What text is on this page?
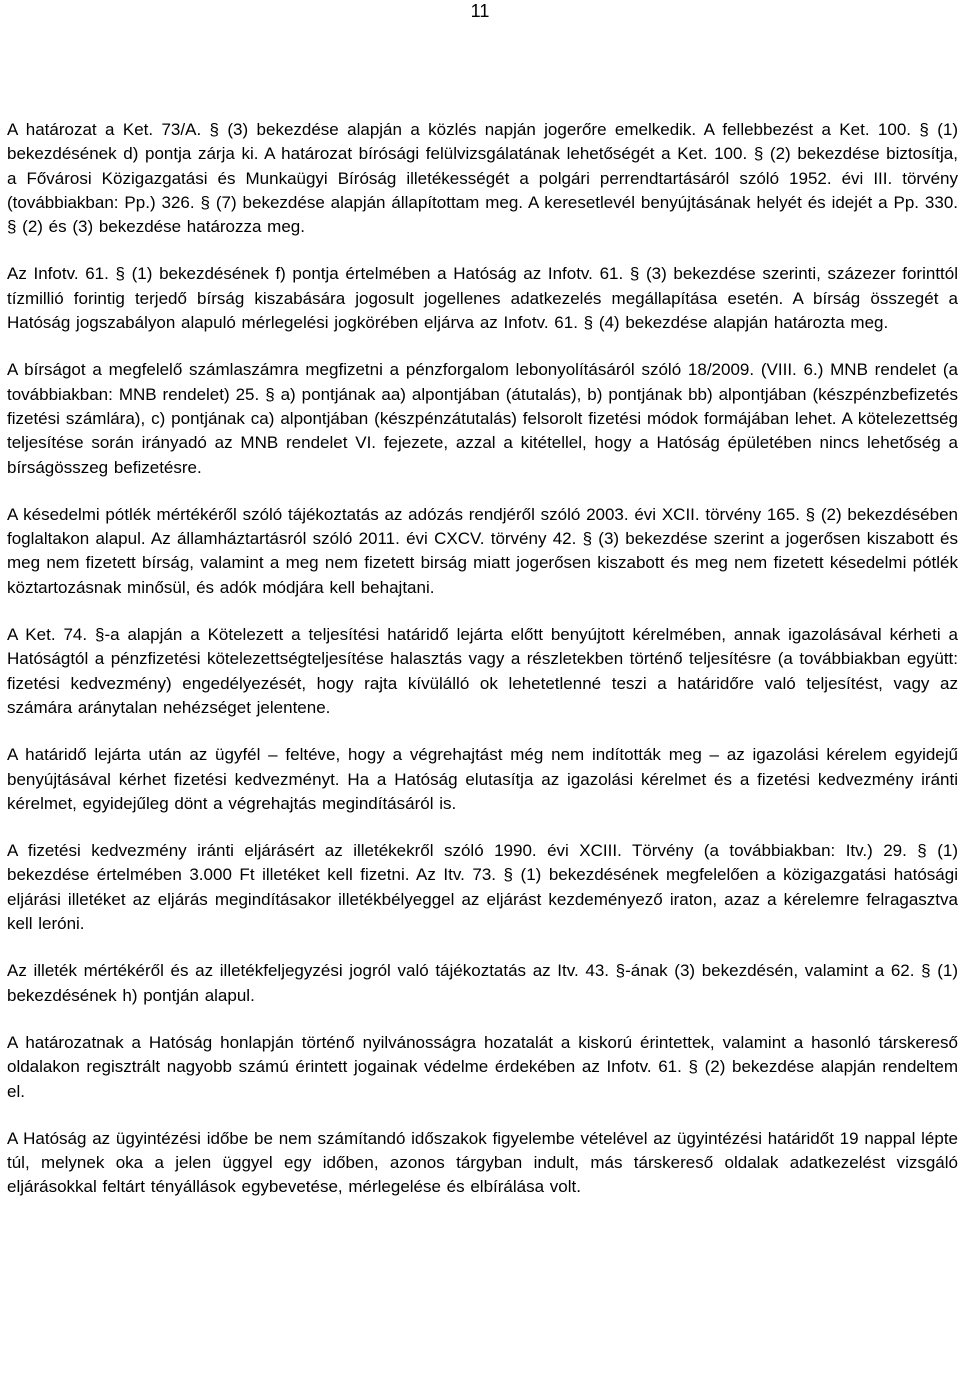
11

A határozat a Ket. 73/A. § (3) bekezdése alapján a közlés napján jogerőre emelkedik. A fellebbezést a Ket. 100. § (1) bekezdésének d) pontja zárja ki. A határozat bírósági felülvizsgálatának lehetőségét a Ket. 100. § (2) bekezdése biztosítja, a Fővárosi Közigazgatási és Munkaügyi Bíróság illetékességét a polgári perrendtartásáról szóló 1952. évi III. törvény (továbbiakban: Pp.) 326. § (7) bekezdése alapján állapítottam meg. A keresetlevél benyújtásának helyét és idejét a Pp. 330. § (2) és (3) bekezdése határozza meg.

Az Infotv. 61. § (1) bekezdésének f) pontja értelmében a Hatóság az Infotv. 61. § (3) bekezdése szerinti, százezer forinttól tízmillió forintig terjedő bírság kiszabására jogosult jogellenes adatkezelés megállapítása esetén. A bírság összegét a Hatóság jogszabályon alapuló mérlegelési jogkörében eljárva az Infotv. 61. § (4) bekezdése alapján határozta meg.

A bírságot a megfelelő számlaszámra megfizetni a pénzforgalom lebonyolításáról szóló 18/2009. (VIII. 6.) MNB rendelet (a továbbiakban: MNB rendelet) 25. § a) pontjának aa) alpontjában (átutalás), b) pontjának bb) alpontjában (készpénzbefizetés fizetési számlára), c) pontjának ca) alpontjában (készpénzátutalás) felsorolt fizetési módok formájában lehet. A kötelezettség teljesítése során irányadó az MNB rendelet VI. fejezete, azzal a kitétellel, hogy a Hatóság épületében nincs lehetőség a bírságösszeg befizetésre.

A késedelmi pótlék mértékéről szóló tájékoztatás az adózás rendjéről szóló 2003. évi XCII. törvény 165. § (2) bekezdésében foglaltakon alapul. Az államháztartásról szóló 2011. évi CXCV. törvény 42. § (3) bekezdése szerint a jogerősen kiszabott és meg nem fizetett bírság, valamint a meg nem fizetett birság miatt jogerősen kiszabott és meg nem fizetett késedelmi pótlék köztartozásnak minősül, és adók módjára kell behajtani.

A Ket. 74. §-a alapján a Kötelezett a teljesítési határidő lejárta előtt benyújtott kérelmében, annak igazolásával kérheti a Hatóságtól a pénzfizetési kötelezettségteljesítése halasztás vagy a részletekben történő teljesítésre (a továbbiakban együtt: fizetési kedvezmény) engedélyezését, hogy rajta kívülálló ok lehetetlenné teszi a határidőre való teljesítést, vagy az számára aránytalan nehézséget jelentene.

A határidő lejárta után az ügyfél – feltéve, hogy a végrehajtást még nem indították meg – az igazolási kérelem egyidejű benyújtásával kérhet fizetési kedvezményt. Ha a Hatóság elutasítja az igazolási kérelmet és a fizetési kedvezmény iránti kérelmet, egyidejűleg dönt a végrehajtás megindításáról is.

A fizetési kedvezmény iránti eljárásért az illetékekről szóló 1990. évi XCIII. Törvény (a továbbiakban: Itv.) 29. § (1) bekezdése értelmében 3.000 Ft illetéket kell fizetni. Az Itv. 73. § (1) bekezdésének megfelelően a közigazgatási hatósági eljárási illetéket az eljárás megindításakor illetékbélyeggel az eljárást kezdeményező iraton, azaz a kérelemre felragasztva kell leróni.

Az illeték mértékéről és az illetékfeljegyzési jogról való tájékoztatás az Itv. 43. §-ának (3) bekezdésén, valamint a 62. § (1) bekezdésének h) pontján alapul.

A határozatnak a Hatóság honlapján történő nyilvánosságra hozatalát a kiskorú érintettek, valamint a hasonló társkereső oldalakon regisztrált nagyobb számú érintett jogainak védelme érdekében az Infotv. 61. § (2) bekezdése alapján rendeltem el.

A Hatóság az ügyintézési időbe be nem számítandó időszakok figyelembe vételével az ügyintézési határidőt 19 nappal lépte túl, melynek oka a jelen üggyel egy időben, azonos tárgyban indult, más társkereső oldalak adatkezelést vizsgáló eljárásokkal feltárt tényállások egybevetése, mérlegelése és elbírálása volt.
